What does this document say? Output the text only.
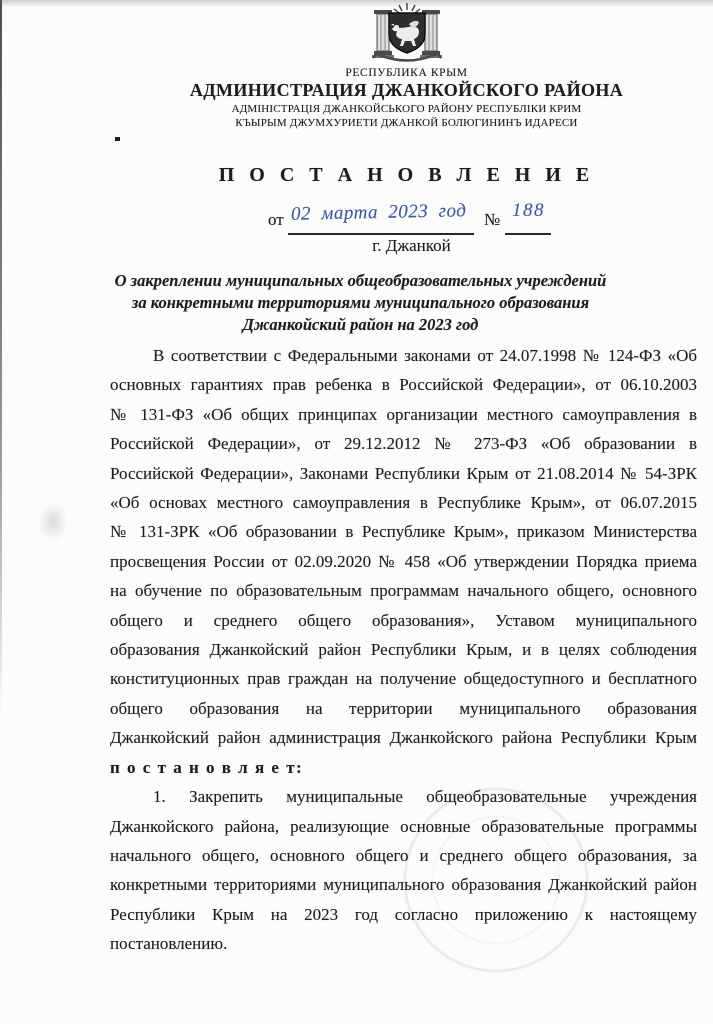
РЕСПУБЛИКА КРЫМ
АДМИНИСТРАЦИЯ ДЖАНКОЙСКОГО РАЙОНА
АДМІНІСТРАЦІЯ ДЖАНКОЙСЬКОГО РАЙОНУ РЕСПУБЛІКИ КРИМ
КЪЫРЫМ ДЖУМХУРИЕТИ ДЖАНКОЙ БОЛЮГИНИНЪ ИДАРЕСИ
П О С Т А Н О В Л Е Н И Е
от 02 марта 2023 год № 188
г. Джанкой
О закреплении муниципальных общеобразовательных учреждений
за конкретными территориями муниципального образования
Джанкойский район на 2023 год
В соответствии с Федеральными законами от 24.07.1998 № 124-ФЗ «Об
основных гарантиях прав ребенка в Российской Федерации», от 06.10.2003
№ 131-ФЗ «Об общих принципах организации местного самоуправления в
Российской Федерации», от 29.12.2012 № 273-ФЗ «Об образовании в
Российской Федерации», Законами Республики Крым от 21.08.2014 № 54-ЗРК
«Об основах местного самоуправления в Республике Крым», от 06.07.2015
№ 131-ЗРК «Об образовании в Республике Крым», приказом Министерства
просвещения России от 02.09.2020 № 458 «Об утверждении Порядка приема
на обучение по образовательным программам начального общего, основного
общего и среднего общего образования», Уставом муниципального
образования Джанкойский район Республики Крым, и в целях соблюдения
конституционных прав граждан на получение общедоступного и бесплатного
общего образования на территории муниципального образования
Джанкойский район администрация Джанкойского района Республики Крым
п о с т а н о в л я е т:
1. Закрепить муниципальные общеобразовательные учреждения
Джанкойского района, реализующие основные образовательные программы
начального общего, основного общего и среднего общего образования, за
конкретными территориями муниципального образования Джанкойский район
Республики Крым на 2023 год согласно приложению к настоящему
постановлению.
